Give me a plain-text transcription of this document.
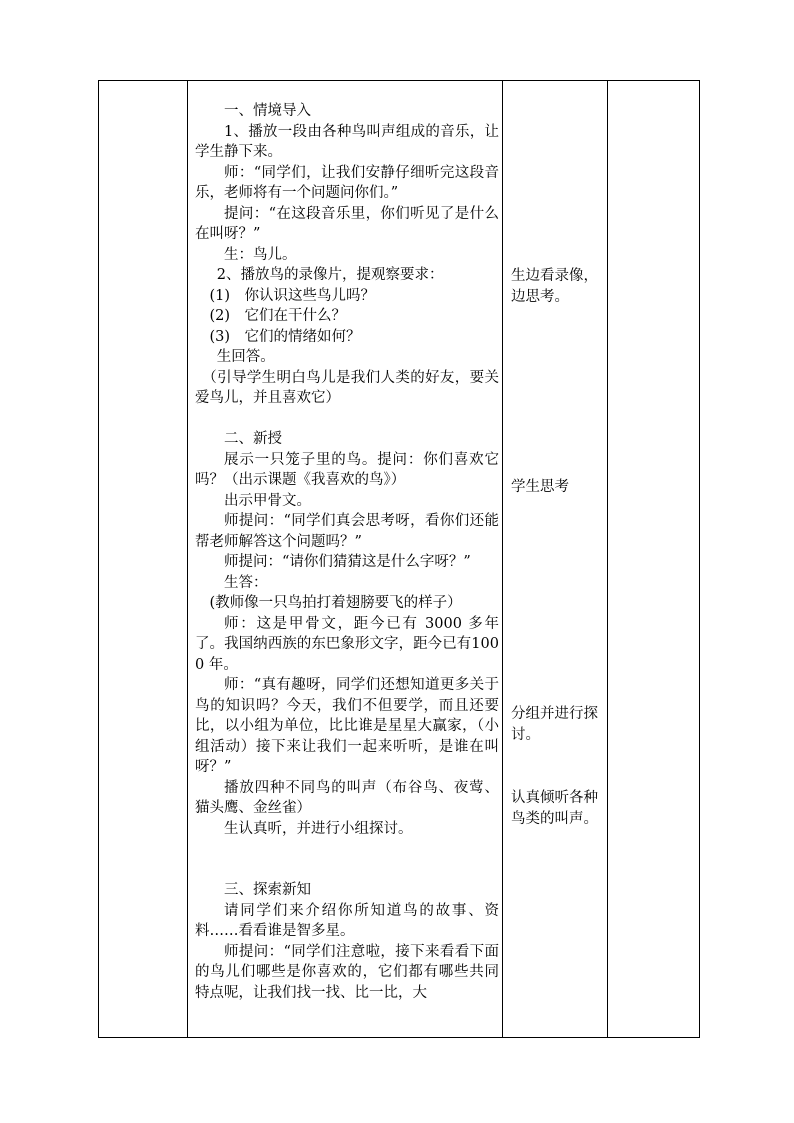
一、情境导入

1、播放一段由各种鸟叫声组成的音乐，让学生静下来。

师：“同学们，让我们安静仔细听完这段音乐，老师将有一个问题问你们。”

提问：“在这段音乐里，你们听见了是什么在叫呀？”

生：鸟儿。

2、播放鸟的录像片，提观察要求：

(1)　你认识这些鸟儿吗？

(2)　它们在干什么？

(3)　它们的情绪如何？

生回答。

（引导学生明白鸟儿是我们人类的好友，要关爱鸟儿，并且喜欢它）

二、新授

展示一只笼子里的鸟。提问：你们喜欢它吗？（出示课题《我喜欢的鸟》）

出示甲骨文。

师提问：“同学们真会思考呀，看你们还能帮老师解答这个问题吗？”

师提问：“请你们猜猜这是什么字呀？”

生答：

(教师像一只鸟拍打着翅膀要飞的样子）

师：这是甲骨文，距今已有 3000 多年了。我国纳西族的东巴象形文字，距今已有1000 年。

师：“真有趣呀，同学们还想知道更多关于鸟的知识吗？今天，我们不但要学，而且还要比，以小组为单位，比比谁是星星大赢家，（小组活动）接下来让我们一起来听听，是谁在叫呀？”

播放四种不同鸟的叫声（布谷鸟、夜莺、猫头鹰、金丝雀）

生认真听，并进行小组探讨。

三、探索新知

请同学们来介绍你所知道鸟的故事、资料……看看谁是智多星。

师提问：“同学们注意啦，接下来看看下面的鸟儿们哪些是你喜欢的，它们都有哪些共同特点呢，让我们找一找、比一比，大

生边看录像，边思考。

学生思考

分组并进行探讨。

认真倾听各种鸟类的叫声。
